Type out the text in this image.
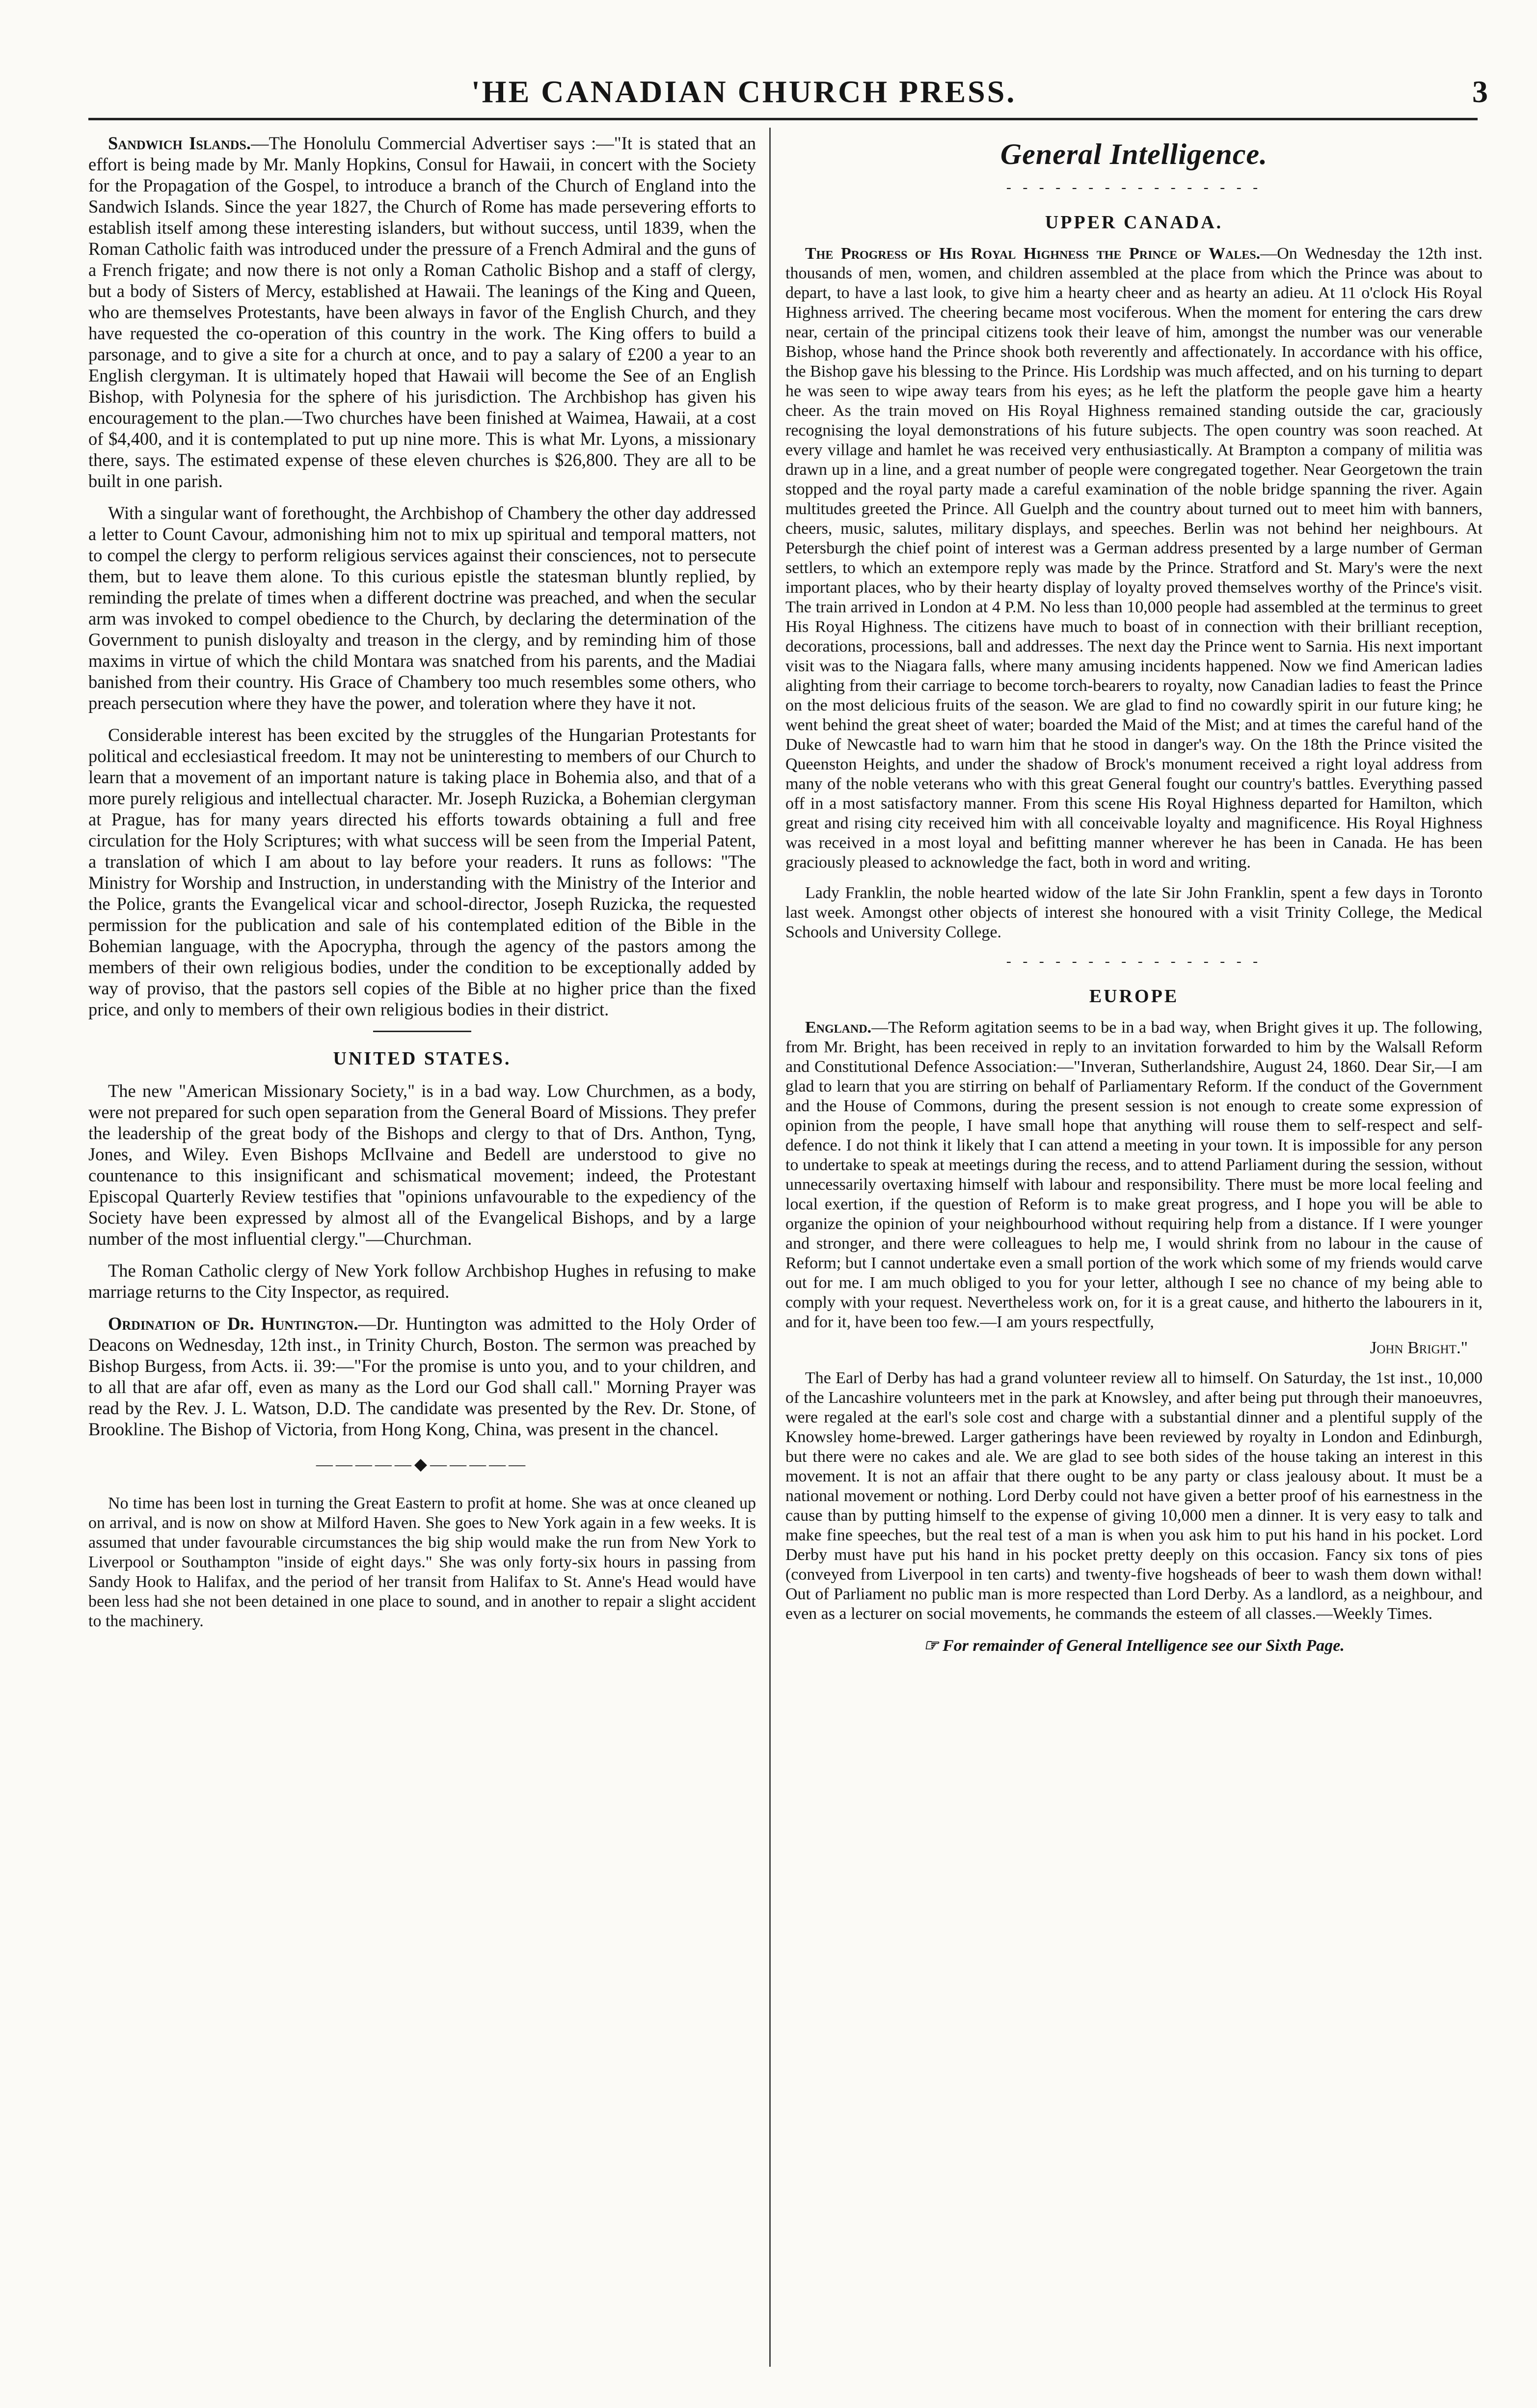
'HE CANADIAN CHURCH PRESS.	3

Sandwich Islands.—The Honolulu Commercial Advertiser says :—"It is stated that an effort is being made by Mr. Manly Hopkins, Consul for Hawaii, in concert with the Society for the Propagation of the Gospel, to introduce a branch of the Church of England into the Sandwich Islands. Since the year 1827, the Church of Rome has made persevering efforts to establish itself among these interesting islanders, but without success, until 1839, when the Roman Catholic faith was introduced under the pressure of a French Admiral and the guns of a French frigate; and now there is not only a Roman Catholic Bishop and a staff of clergy, but a body of Sisters of Mercy, established at Hawaii. The leanings of the King and Queen, who are themselves Protestants, have been always in favor of the English Church, and they have requested the co-operation of this country in the work. The King offers to build a parsonage, and to give a site for a church at once, and to pay a salary of £200 a year to an English clergyman. It is ultimately hoped that Hawaii will become the See of an English Bishop, with Polynesia for the sphere of his jurisdiction. The Archbishop has given his encouragement to the plan.—Two churches have been finished at Waimea, Hawaii, at a cost of $4,400, and it is contemplated to put up nine more. This is what Mr. Lyons, a missionary there, says. The estimated expense of these eleven churches is $26,800. They are all to be built in one parish.

With a singular want of forethought, the Archbishop of Chambery the other day addressed a letter to Count Cavour, admonishing him not to mix up spiritual and temporal matters, not to compel the clergy to perform religious services against their consciences, not to persecute them, but to leave them alone. To this curious epistle the statesman bluntly replied, by reminding the prelate of times when a different doctrine was preached, and when the secular arm was invoked to compel obedience to the Church, by declaring the determination of the Government to punish disloyalty and treason in the clergy, and by reminding him of those maxims in virtue of which the child Montara was snatched from his parents, and the Madiai banished from their country. His Grace of Chambery too much resembles some others, who preach persecution where they have the power, and toleration where they have it not.

Considerable interest has been excited by the struggles of the Hungarian Protestants for political and ecclesiastical freedom. It may not be uninteresting to members of our Church to learn that a movement of an important nature is taking place in Bohemia also, and that of a more purely religious and intellectual character. Mr. Joseph Ruzicka, a Bohemian clergyman at Prague, has for many years directed his efforts towards obtaining a full and free circulation for the Holy Scriptures; with what success will be seen from the Imperial Patent, a translation of which I am about to lay before your readers. It runs as follows: "The Ministry for Worship and Instruction, in understanding with the Ministry of the Interior and the Police, grants the Evangelical vicar and school-director, Joseph Ruzicka, the requested permission for the publication and sale of his contemplated edition of the Bible in the Bohemian language, with the Apocrypha, through the agency of the pastors among the members of their own religious bodies, under the condition to be exceptionally added by way of proviso, that the pastors sell copies of the Bible at no higher price than the fixed price, and only to members of their own religious bodies in their district.

UNITED STATES.

The new "American Missionary Society," is in a bad way. Low Churchmen, as a body, were not prepared for such open separation from the General Board of Missions. They prefer the leadership of the great body of the Bishops and clergy to that of Drs. Anthon, Tyng, Jones, and Wiley. Even Bishops McIlvaine and Bedell are understood to give no countenance to this insignificant and schismatical movement; indeed, the Protestant Episcopal Quarterly Review testifies that "opinions unfavourable to the expediency of the Society have been expressed by almost all of the Evangelical Bishops, and by a large number of the most influential clergy."—Churchman.

The Roman Catholic clergy of New York follow Archbishop Hughes in refusing to make marriage returns to the City Inspector, as required.

Ordination of Dr. Huntington.—Dr. Huntington was admitted to the Holy Order of Deacons on Wednesday, 12th inst., in Trinity Church, Boston. The sermon was preached by Bishop Burgess, from Acts. ii. 39:—"For the promise is unto you, and to your children, and to all that are afar off, even as many as the Lord our God shall call." Morning Prayer was read by the Rev. J. L. Watson, D.D. The candidate was presented by the Rev. Dr. Stone, of Brookline. The Bishop of Victoria, from Hong Kong, China, was present in the chancel.

—————◆—————

No time has been lost in turning the Great Eastern to profit at home. She was at once cleaned up on arrival, and is now on show at Milford Haven. She goes to New York again in a few weeks. It is assumed that under favourable circumstances the big ship would make the run from New York to Liverpool or Southampton "inside of eight days." She was only forty-six hours in passing from Sandy Hook to Halifax, and the period of her transit from Halifax to St. Anne's Head would have been less had she not been detained in one place to sound, and in another to repair a slight accident to the machinery.

General Intelligence.
- - - - - - - - - - - - - - - -
UPPER CANADA.

The Progress of His Royal Highness the Prince of Wales.—On Wednesday the 12th inst. thousands of men, women, and children assembled at the place from which the Prince was about to depart, to have a last look, to give him a hearty cheer and as hearty an adieu. At 11 o'clock His Royal Highness arrived. The cheering became most vociferous. When the moment for entering the cars drew near, certain of the principal citizens took their leave of him, amongst the number was our venerable Bishop, whose hand the Prince shook both reverently and affectionately. In accordance with his office, the Bishop gave his blessing to the Prince. His Lordship was much affected, and on his turning to depart he was seen to wipe away tears from his eyes; as he left the platform the people gave him a hearty cheer. As the train moved on His Royal Highness remained standing outside the car, graciously recognising the loyal demonstrations of his future subjects. The open country was soon reached. At every village and hamlet he was received very enthusiastically. At Brampton a company of militia was drawn up in a line, and a great number of people were congregated together. Near Georgetown the train stopped and the royal party made a careful examination of the noble bridge spanning the river. Again multitudes greeted the Prince. All Guelph and the country about turned out to meet him with banners, cheers, music, salutes, military displays, and speeches. Berlin was not behind her neighbours. At Petersburgh the chief point of interest was a German address presented by a large number of German settlers, to which an extempore reply was made by the Prince. Stratford and St. Mary's were the next important places, who by their hearty display of loyalty proved themselves worthy of the Prince's visit. The train arrived in London at 4 P.M. No less than 10,000 people had assembled at the terminus to greet His Royal Highness. The citizens have much to boast of in connection with their brilliant reception, decorations, processions, ball and addresses. The next day the Prince went to Sarnia. His next important visit was to the Niagara falls, where many amusing incidents happened. Now we find American ladies alighting from their carriage to become torch-bearers to royalty, now Canadian ladies to feast the Prince on the most delicious fruits of the season. We are glad to find no cowardly spirit in our future king; he went behind the great sheet of water; boarded the Maid of the Mist; and at times the careful hand of the Duke of Newcastle had to warn him that he stood in danger's way. On the 18th the Prince visited the Queenston Heights, and under the shadow of Brock's monument received a right loyal address from many of the noble veterans who with this great General fought our country's battles. Everything passed off in a most satisfactory manner. From this scene His Royal Highness departed for Hamilton, which great and rising city received him with all conceivable loyalty and magnificence. His Royal Highness was received in a most loyal and befitting manner wherever he has been in Canada. He has been graciously pleased to acknowledge the fact, both in word and writing.

Lady Franklin, the noble hearted widow of the late Sir John Franklin, spent a few days in Toronto last week. Amongst other objects of interest she honoured with a visit Trinity College, the Medical Schools and University College.

- - - - - - - - - - - - - - - -
EUROPE

England.—The Reform agitation seems to be in a bad way, when Bright gives it up. The following, from Mr. Bright, has been received in reply to an invitation forwarded to him by the Walsall Reform and Constitutional Defence Association:—"Inveran, Sutherlandshire, August 24, 1860. Dear Sir,—I am glad to learn that you are stirring on behalf of Parliamentary Reform. If the conduct of the Government and the House of Commons, during the present session is not enough to create some expression of opinion from the people, I have small hope that anything will rouse them to self-respect and self-defence. I do not think it likely that I can attend a meeting in your town. It is impossible for any person to undertake to speak at meetings during the recess, and to attend Parliament during the session, without unnecessarily overtaxing himself with labour and responsibility. There must be more local feeling and local exertion, if the question of Reform is to make great progress, and I hope you will be able to organize the opinion of your neighbourhood without requiring help from a distance. If I were younger and stronger, and there were colleagues to help me, I would shrink from no labour in the cause of Reform; but I cannot undertake even a small portion of the work which some of my friends would carve out for me. I am much obliged to you for your letter, although I see no chance of my being able to comply with your request. Nevertheless work on, for it is a great cause, and hitherto the labourers in it, and for it, have been too few.—I am yours respectfully,

John Bright."

The Earl of Derby has had a grand volunteer review all to himself. On Saturday, the 1st inst., 10,000 of the Lancashire volunteers met in the park at Knowsley, and after being put through their manoeuvres, were regaled at the earl's sole cost and charge with a substantial dinner and a plentiful supply of the Knowsley home-brewed. Larger gatherings have been reviewed by royalty in London and Edinburgh, but there were no cakes and ale. We are glad to see both sides of the house taking an interest in this movement. It is not an affair that there ought to be any party or class jealousy about. It must be a national movement or nothing. Lord Derby could not have given a better proof of his earnestness in the cause than by putting himself to the expense of giving 10,000 men a dinner. It is very easy to talk and make fine speeches, but the real test of a man is when you ask him to put his hand in his pocket. Lord Derby must have put his hand in his pocket pretty deeply on this occasion. Fancy six tons of pies (conveyed from Liverpool in ten carts) and twenty-five hogsheads of beer to wash them down withal! Out of Parliament no public man is more respected than Lord Derby. As a landlord, as a neighbour, and even as a lecturer on social movements, he commands the esteem of all classes.—Weekly Times.

☞ For remainder of General Intelligence see our Sixth Page.
